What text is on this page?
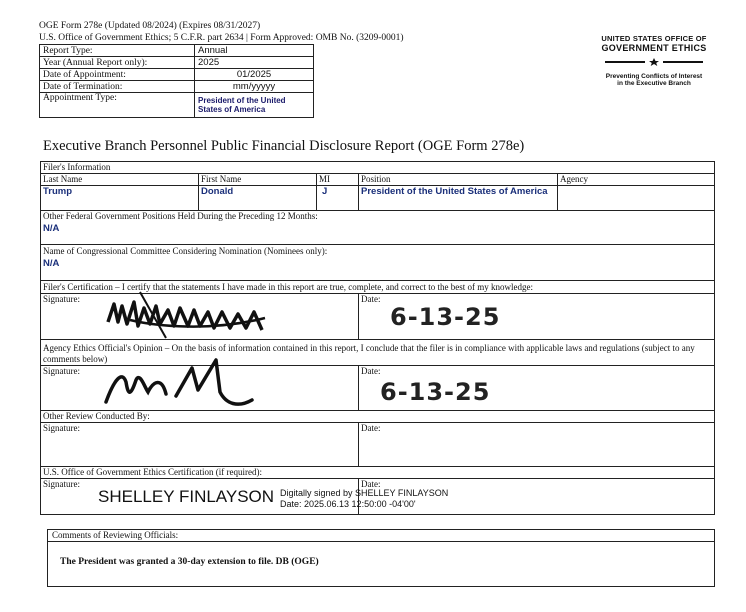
OGE Form 278e (Updated 08/2024) (Expires 08/31/2027)
U.S. Office of Government Ethics; 5 C.F.R. part 2634 | Form Approved: OMB No. (3209-0001)
Report Type:	Annual
Year (Annual Report only):	2025
Date of Appointment:	01/2025
Date of Termination:	mm/yyyyy
Appointment Type:	President of the United States of America
UNITED STATES OFFICE OF
GOVERNMENT ETHICS
Preventing Conflicts of Interest
in the Executive Branch
Executive Branch Personnel Public Financial Disclosure Report (OGE Form 278e)
Filer's Information
Last Name	First Name	MI	Position	Agency
Trump	Donald	J	President of the United States of America
Other Federal Government Positions Held During the Preceding 12 Months:
N/A
Name of Congressional Committee Considering Nomination (Nominees only):
N/A
Filer's Certification – I certify that the statements I have made in this report are true, complete, and correct to the best of my knowledge:
Signature:	Date:
6-13-25
Agency Ethics Official's Opinion – On the basis of information contained in this report, I conclude that the filer is in compliance with applicable laws and regulations (subject to any comments below)
Signature:	Date:
6-13-25
Other Review Conducted By:
Signature:	Date:
U.S. Office of Government Ethics Certification (if required):
Signature:	Date:
SHELLEY FINLAYSON Digitally signed by SHELLEY FINLAYSON
Date: 2025.06.13 12:50:00 -04'00'
Comments of Reviewing Officials:
The President was granted a 30-day extension to file. DB (OGE)
